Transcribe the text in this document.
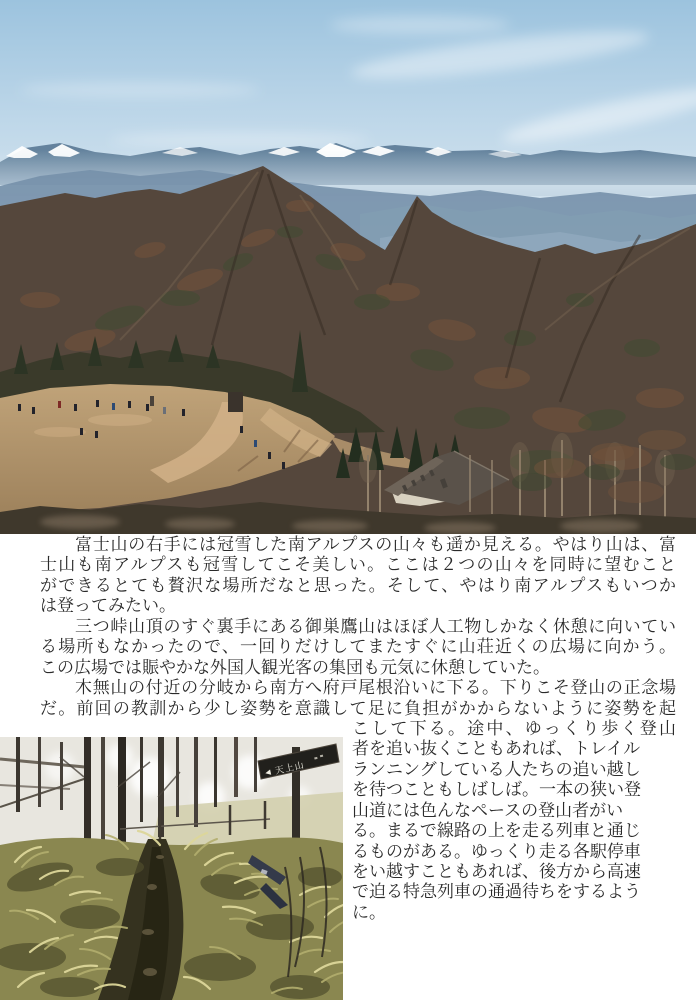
富士山の右手には冠雪した南アルプスの山々も遥か見える。やはり山は、富
士山も南アルプスも冠雪してこそ美しい。ここは２つの山々を同時に望むこと
ができるとても贅沢な場所だなと思った。そして、やはり南アルプスもいつか
は登ってみたい。
三つ峠山頂のすぐ裏手にある御巣鷹山はほぼ人工物しかなく休憩に向いてい
る場所もなかったので、一回りだけしてまたすぐに山荘近くの広場に向かう。
この広場では賑やかな外国人観光客の集団も元気に休憩していた。
木無山の付近の分岐から南方へ府戸尾根沿いに下る。下りこそ登山の正念場
だ。前回の教訓から少し姿勢を意識して足に負担がかからないように姿勢を起
こして下る。途中、ゆっくり歩く登山
者を追い抜くこともあれば、トレイル
ランニングしている人たちの追い越し
を待つこともしばしば。一本の狭い登
山道には色んなペースの登山者がい
る。まるで線路の上を走る列車と通じ
るものがある。ゆっくり走る各駅停車
をい越すこともあれば、後方から高速
で迫る特急列車の通過待ちをするよう
に。
◀ 天上山
